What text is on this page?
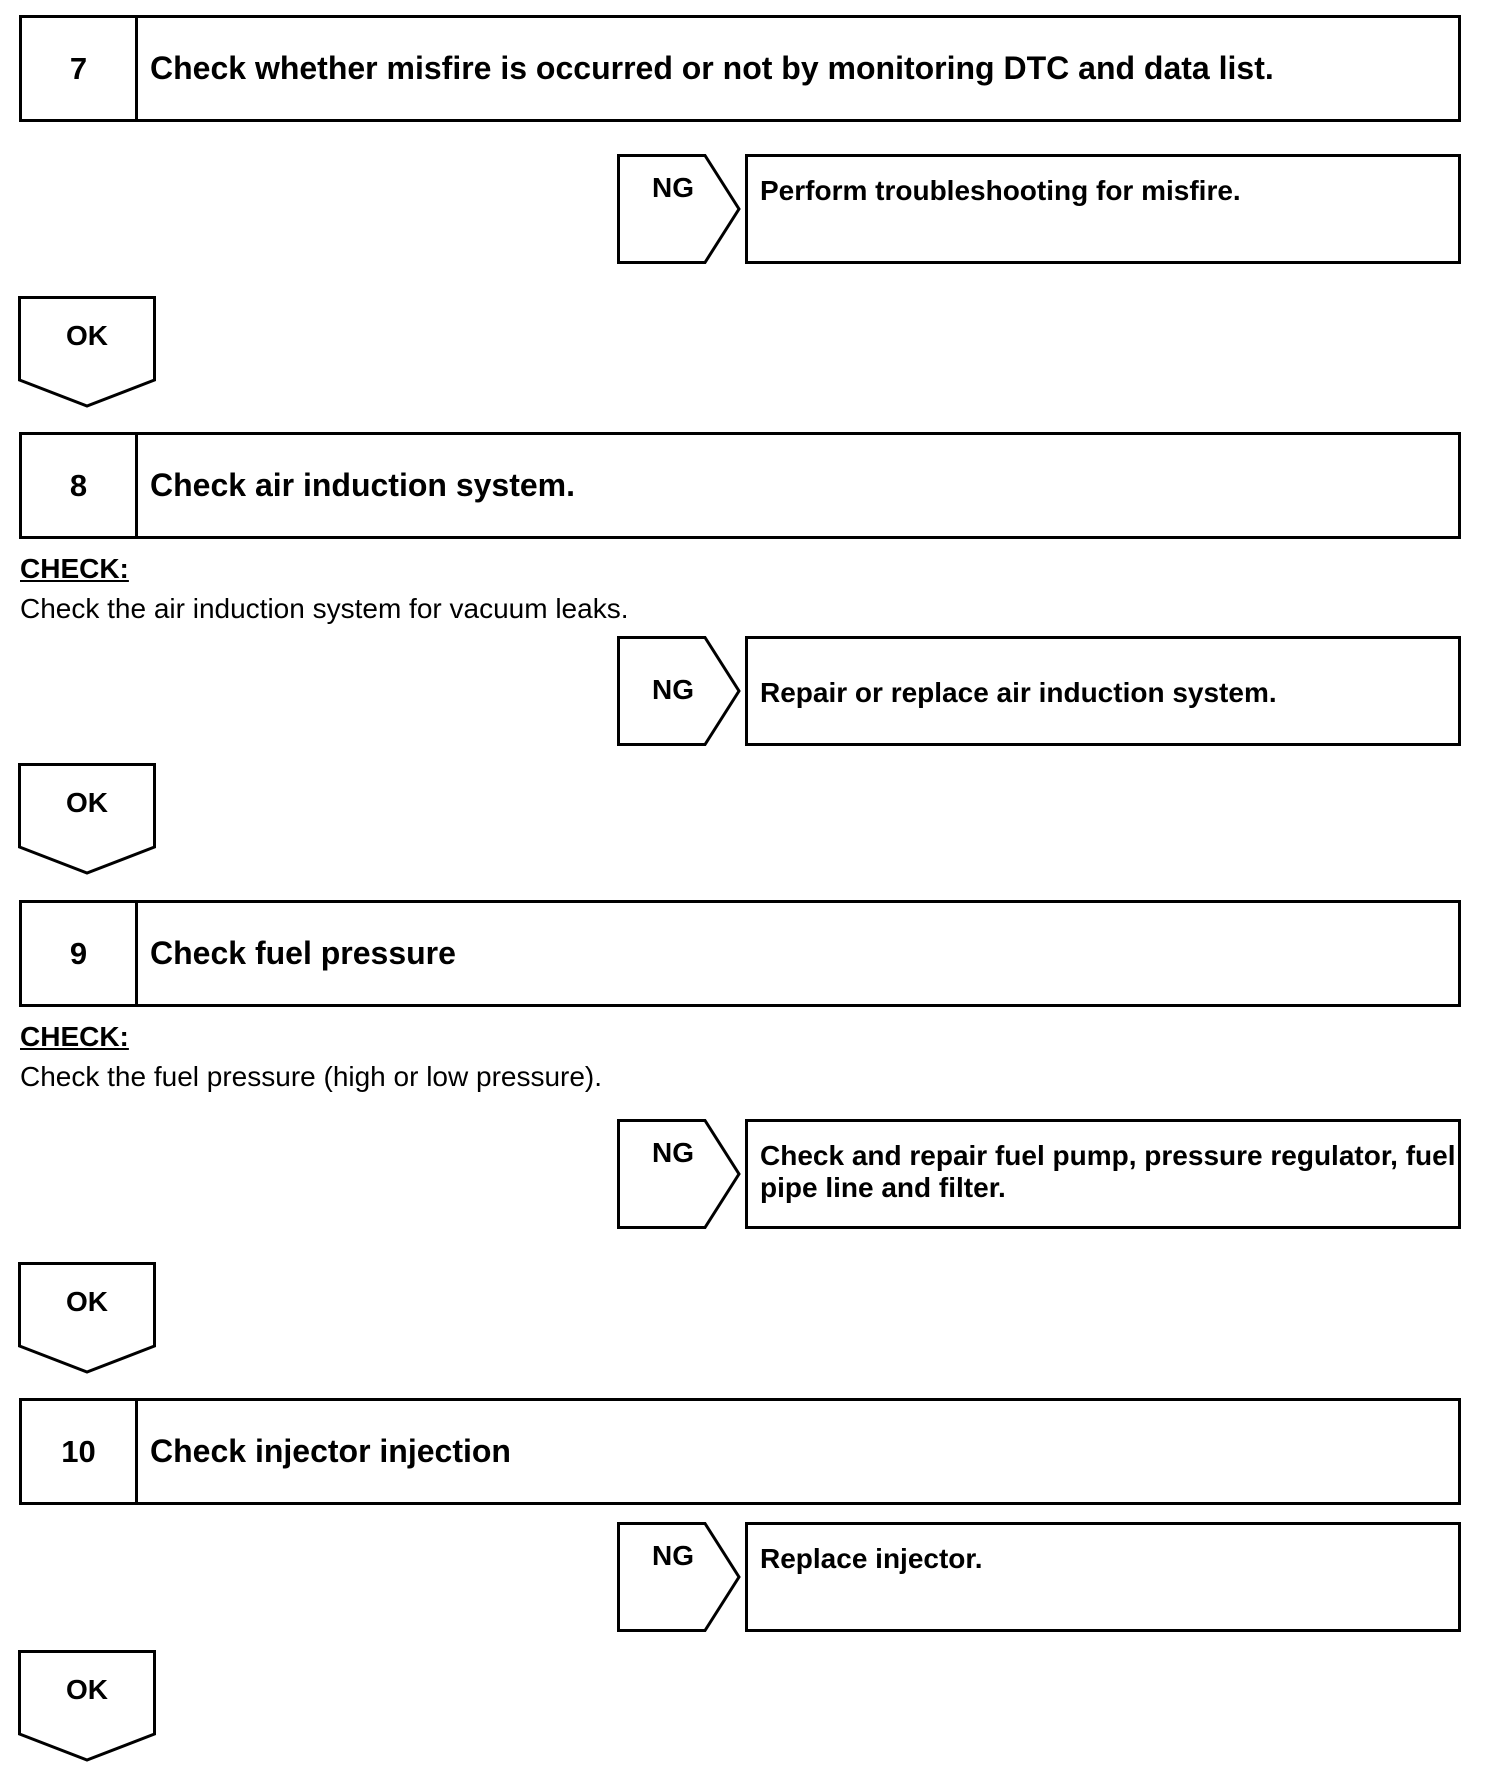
7	Check whether misfire is occurred or not by monitoring DTC and data list.
NG	Perform troubleshooting for misfire.
OK
8	Check air induction system.
CHECK:
Check the air induction system for vacuum leaks.
NG	Repair or replace air induction system.
OK
9	Check fuel pressure
CHECK:
Check the fuel pressure (high or low pressure).
NG	Check and repair fuel pump, pressure regulator, fuel pipe line and filter.
OK
10	Check injector injection
NG	Replace injector.
OK
